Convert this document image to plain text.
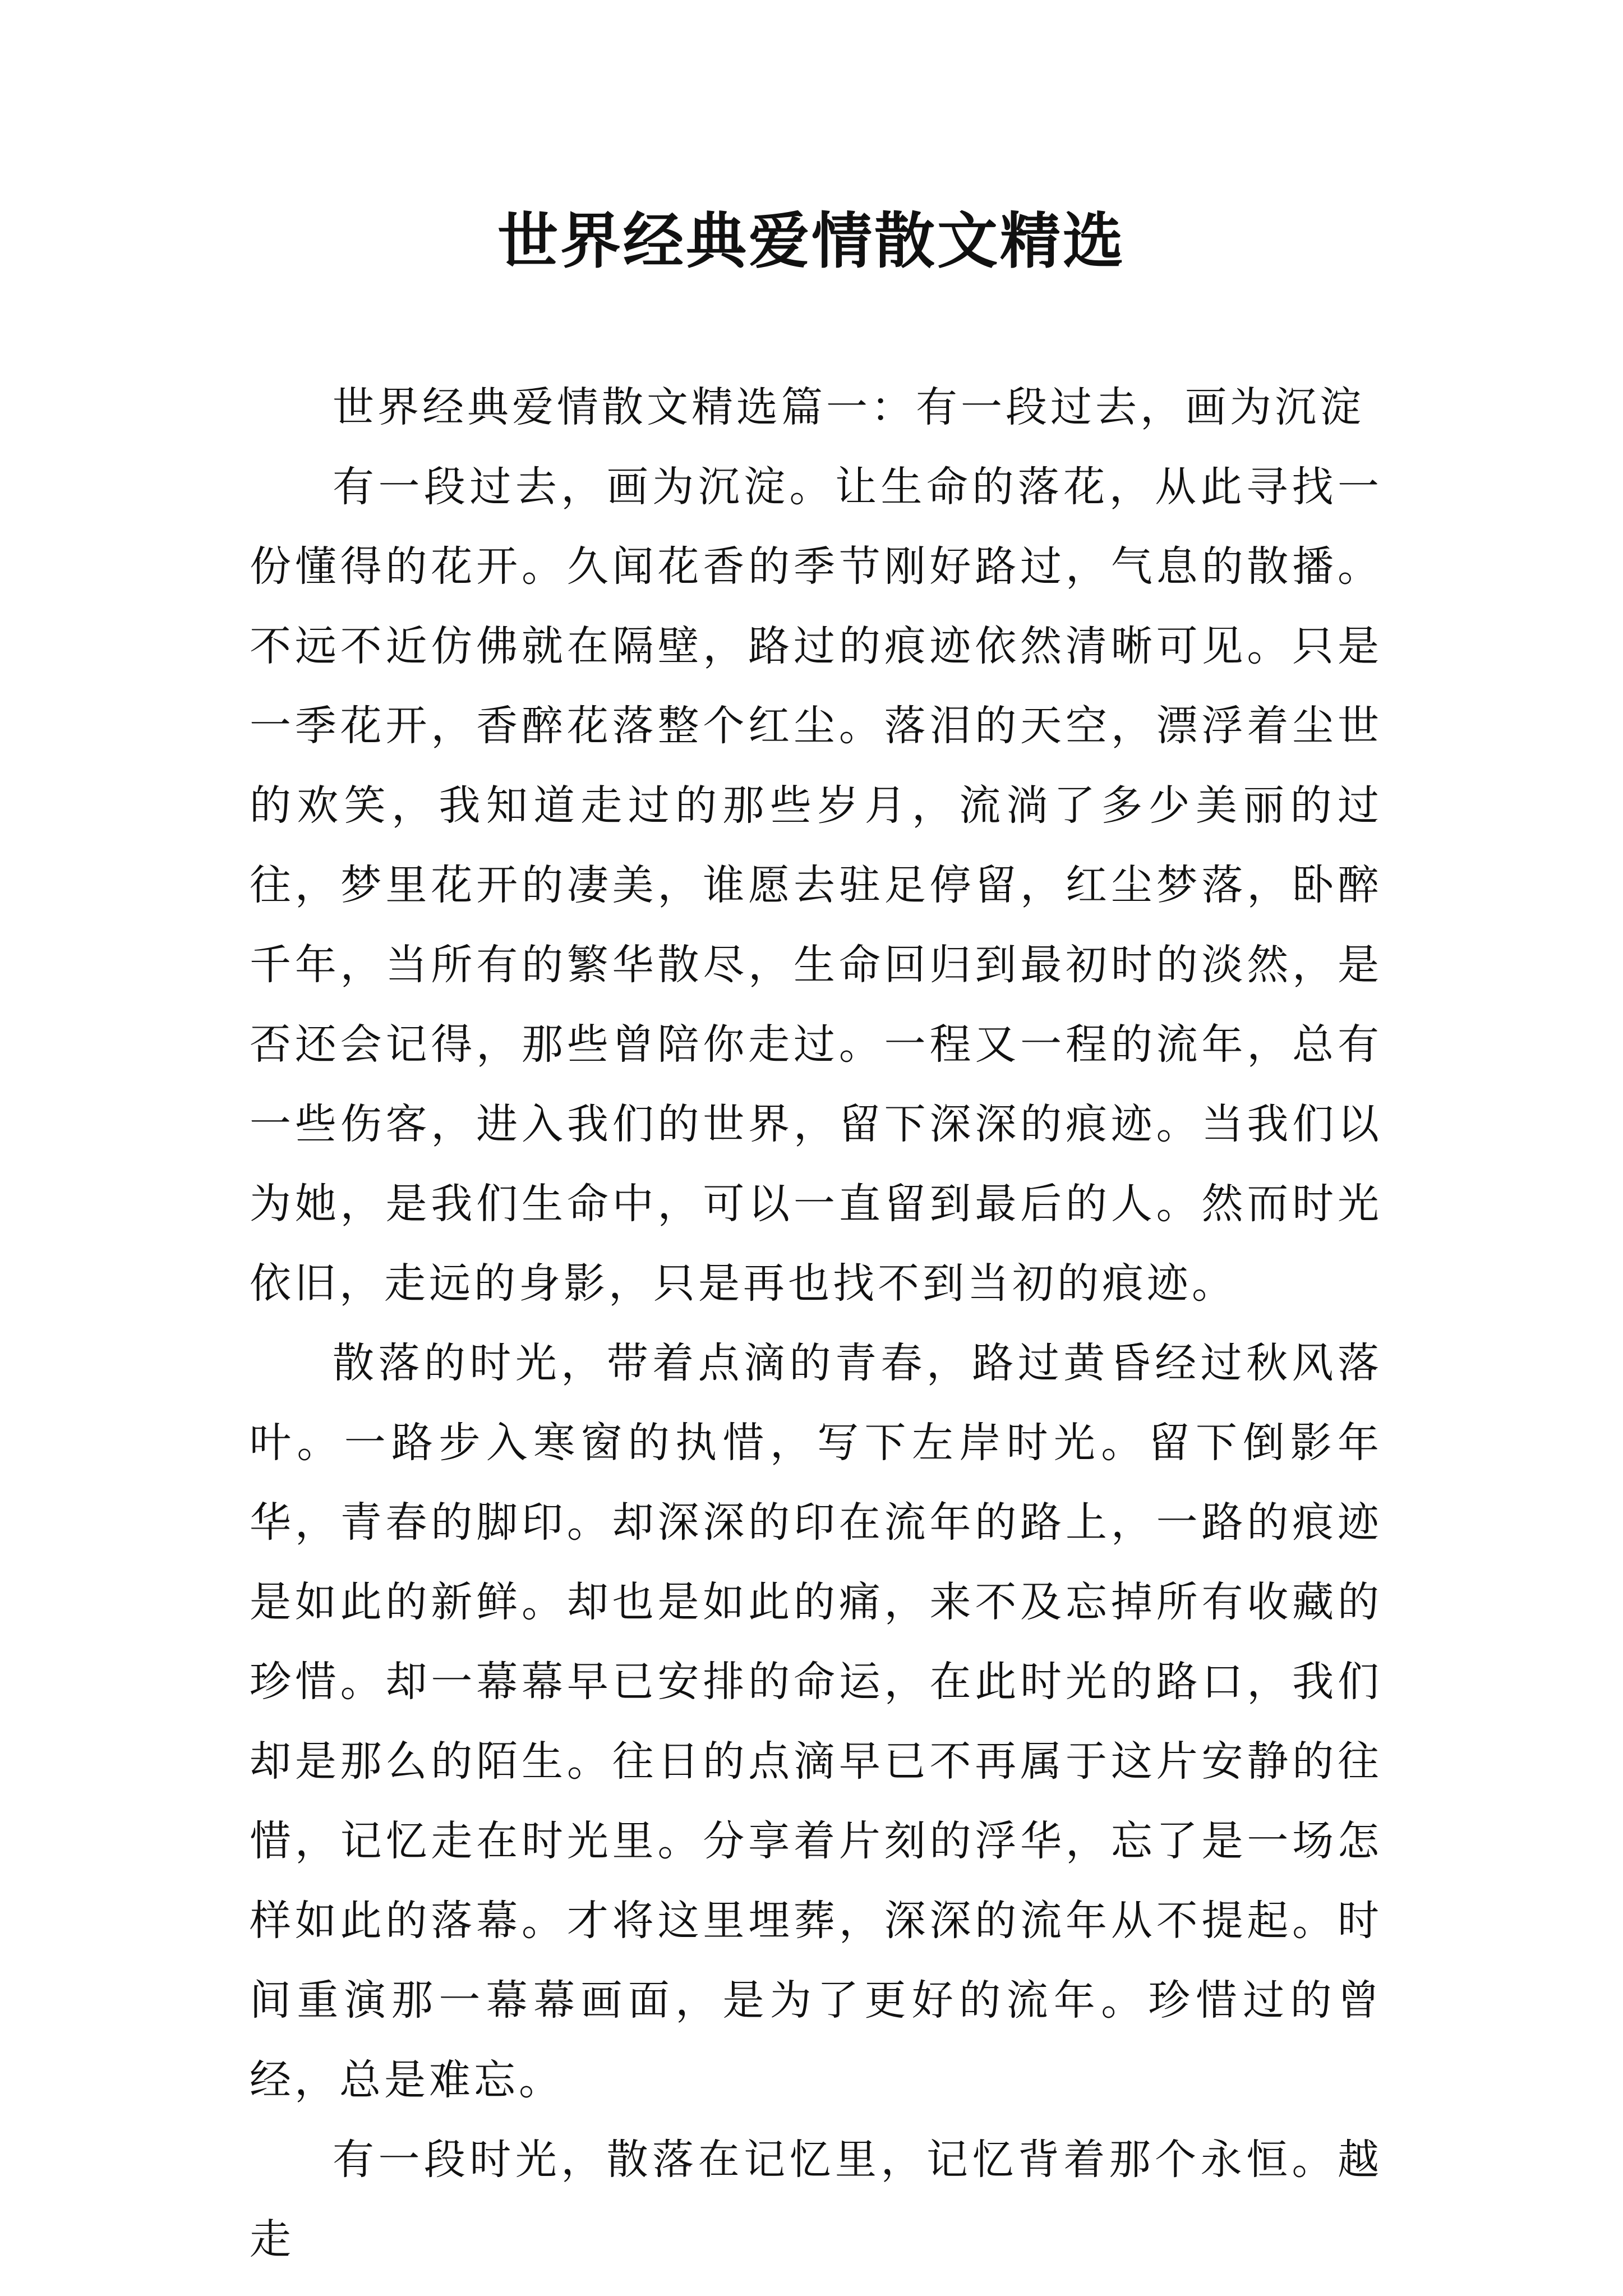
世界经典爱情散文精选

世界经典爱情散文精选篇一：有一段过去，画为沉淀

有一段过去，画为沉淀。让生命的落花，从此寻找一份懂得的花开。久闻花香的季节刚好路过，气息的散播。不远不近仿佛就在隔壁，路过的痕迹依然清晰可见。只是一季花开，香醉花落整个红尘。落泪的天空，漂浮着尘世的欢笑，我知道走过的那些岁月，流淌了多少美丽的过往，梦里花开的凄美，谁愿去驻足停留，红尘梦落，卧醉千年，当所有的繁华散尽，生命回归到最初时的淡然，是否还会记得，那些曾陪你走过。一程又一程的流年，总有一些伤客，进入我们的世界，留下深深的痕迹。当我们以为她，是我们生命中，可以一直留到最后的人。然而时光依旧，走远的身影，只是再也找不到当初的痕迹。

散落的时光，带着点滴的青春，路过黄昏经过秋风落叶。一路步入寒窗的执惜，写下左岸时光。留下倒影年华，青春的脚印。却深深的印在流年的路上，一路的痕迹是如此的新鲜。却也是如此的痛，来不及忘掉所有收藏的珍惜。却一幕幕早已安排的命运，在此时光的路口，我们却是那么的陌生。往日的点滴早已不再属于这片安静的往惜，记忆走在时光里。分享着片刻的浮华，忘了是一场怎样如此的落幕。才将这里埋葬，深深的流年从不提起。时间重演那一幕幕画面，是为了更好的流年。珍惜过的曾经，总是难忘。

有一段时光，散落在记忆里，记忆背着那个永恒。越走
